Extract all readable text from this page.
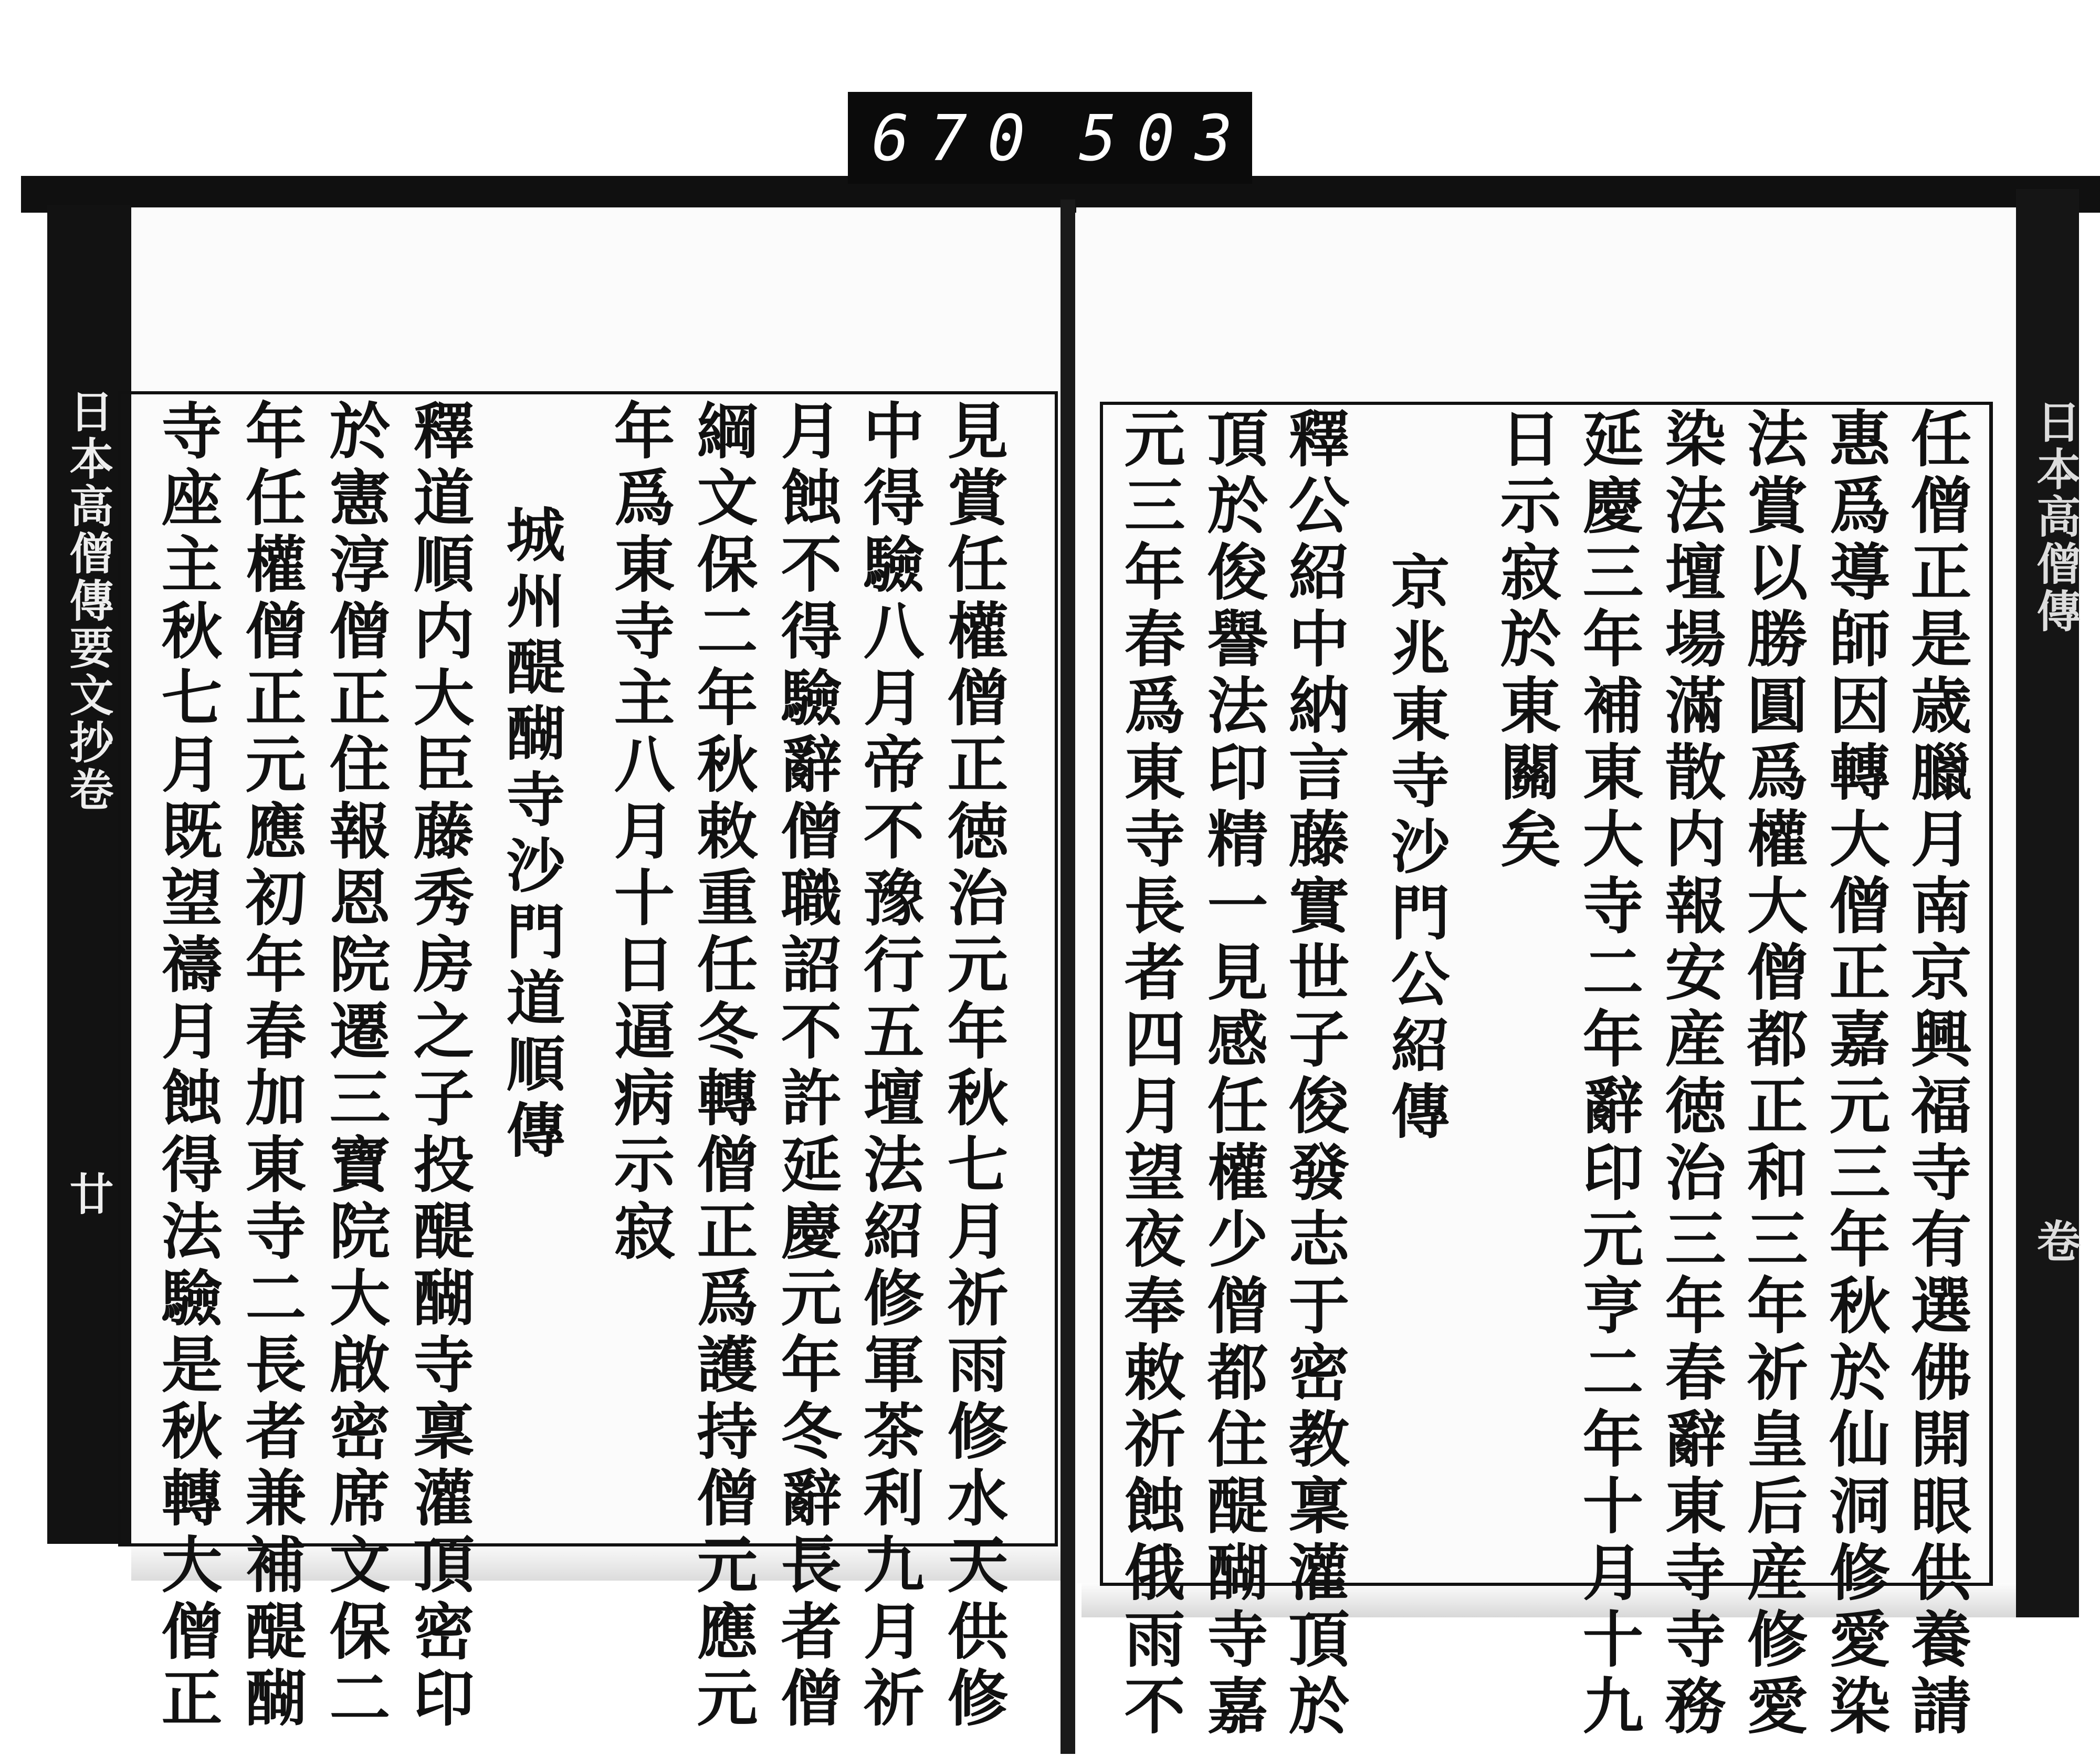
670 503
日本高僧傳要文抄卷
廿
日本高僧傳
卷
任僧正是歳臘月南京興福寺有選佛開眼供養請
惠爲導師因轉大僧正嘉元三年秋於仙洞修愛染
法賞以勝圓爲權大僧都正和三年祈皇后産修愛
染法壇場滿散内報安産徳治三年春辭東寺寺務
延慶三年補東大寺二年辭印元亨二年十月十九
日示寂於東關矣
京兆東寺沙門公紹傳
釋公紹中納言藤實世子俊發志于密教稟灌頂於
頂於俊譽法印精一見感任權少僧都住醍醐寺嘉
元三年春爲東寺長者四月望夜奉敕祈蝕俄雨不
見賞任權僧正徳治元年秋七月祈雨修水天供修
中得驗八月帝不豫行五壇法紹修軍茶利九月祈
月蝕不得驗辭僧職詔不許延慶元年冬辭長者僧
綱文保二年秋敕重任冬轉僧正爲護持僧元應元
年爲東寺主八月十日逼病示寂
城州醍醐寺沙門道順傳
釋道順内大臣藤秀房之子投醍醐寺稟灌頂密印
於憲淳僧正住報恩院遷三寶院大啟密席文保二
年任權僧正元應初年春加東寺二長者兼補醍醐
寺座主秋七月既望禱月蝕得法驗是秋轉大僧正
